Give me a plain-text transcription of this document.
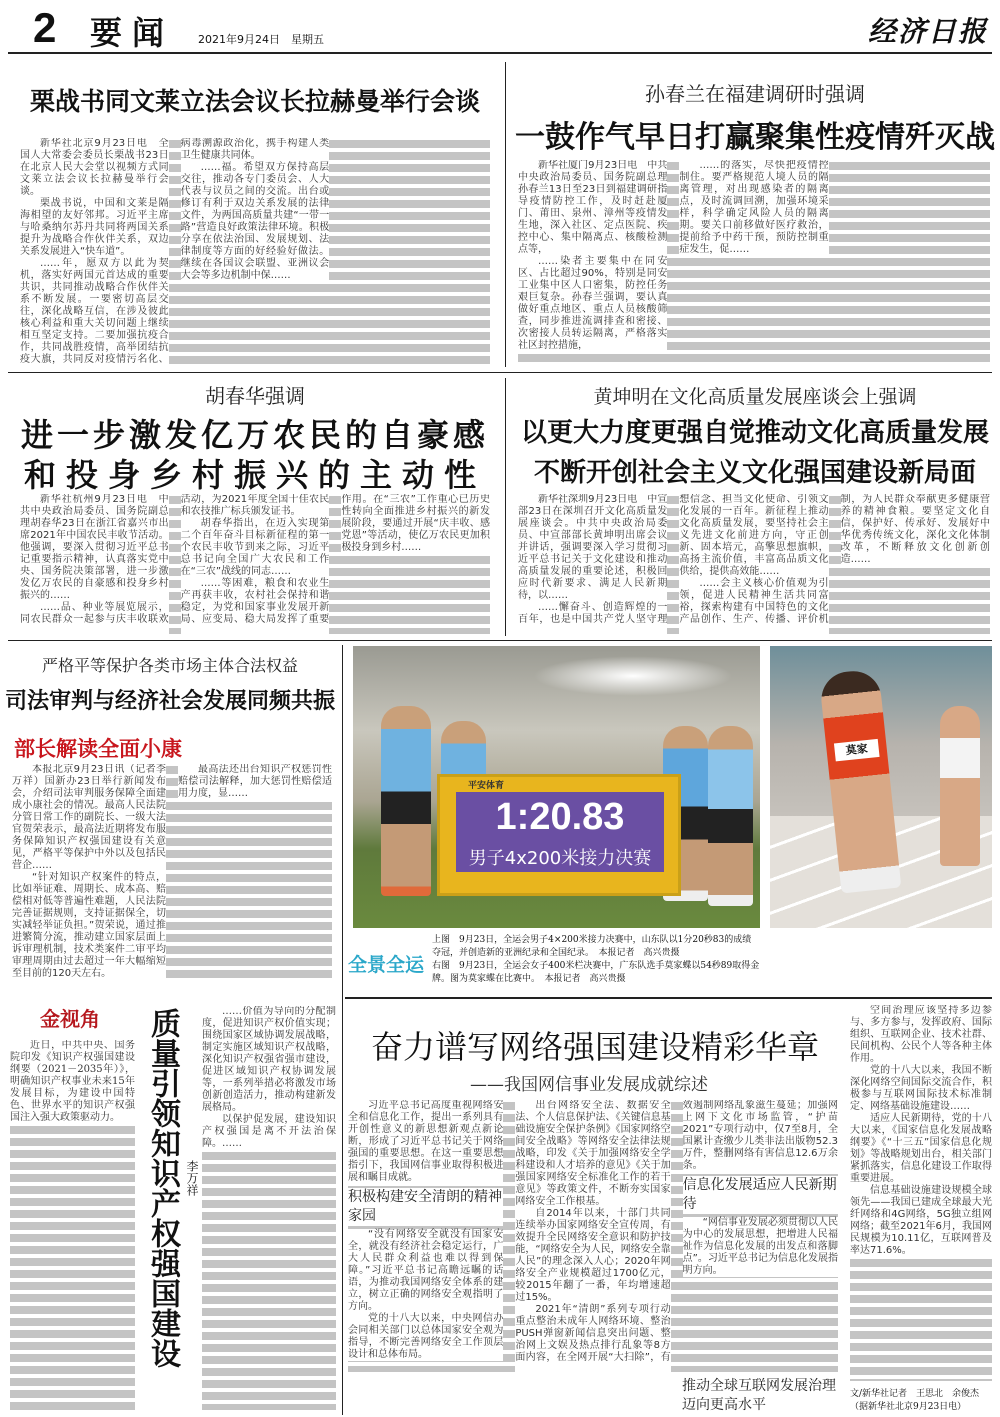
2 要闻 2021年9月24日　星期五	经济日报
栗战书同文莱立法会议长拉赫曼举行会谈

新华社北京9月23日电　全国人大常委会委员长栗战书23日在北京人民大会堂以视频方式同文莱立法会议长拉赫曼举行会谈。

栗战书说，中国和文莱是隔海相望的友好邻邦。习近平主席与哈桑纳尔苏丹共同将两国关系提升为战略合作伙伴关系，双边关系发展进入“快车道”。

……年，愿双方以此为契机，落实好两国元首达成的重要共识，共同推动战略合作伙伴关系不断发展。一要密切高层交往，深化战略互信，在涉及彼此核心利益和重大关切问题上继续相互坚定支持。二要加强抗疫合作，共同战胜疫情，高举团结抗疫大旗，共同反对疫情污名化、病毒溯源政治化，携手构建人类卫生健康共同体。

……福。希望双方保持高层交往，推动各专门委员会、人大代表与议员之间的交流。出台或修订有利于双边关系发展的法律文件，为两国高质量共建“一带一路”营造良好政策法律环境。积极分享在依法治国、发展规划、法律制度等方面的好经验好做法。继续在各国议会联盟、亚洲议会大会等多边机制中保……

孙春兰在福建调研时强调
一鼓作气早日打赢聚集性疫情歼灭战

新华社厦门9月23日电　中共中央政治局委员、国务院副总理孙春兰13日至23日到福建调研指导疫情防控工作，及时赶赴厦门、莆田、泉州、漳州等疫情发生地，深入社区、定点医院、疾控中心、集中隔离点、核酸检测点等，

……染者主要集中在同安区、占比超过90%，特别是同安工业集中区人口密集，防控任务艰巨复杂。孙春兰强调，要认真做好重点地区、重点人员核酸筛查，同步推进流调排查和密接、次密接人员转运隔离，严格落实社区封控措施，

……的落实，尽快把疫情控制住。要严格规范人境人员的隔离管理，对出现感染者的隔离点，及时流调回溯，加强环境采样，科学确定风险人员的隔离期。要关口前移做好医疗救治，提前给予中药干预，预防控制重症发生，促……

胡春华强调
进一步激发亿万农民的自豪感
和投身乡村振兴的主动性

新华社杭州9月23日电　中共中央政治局委员、国务院副总理胡春华23日在浙江省嘉兴市出席2021年中国农民丰收节活动。他强调，要深入贯彻习近平总书记重要指示精神，认真落实党中央、国务院决策部署，进一步激发亿万农民的自豪感和投身乡村振兴的……

……品、种业等展览展示，同农民群众一起参与庆丰收联欢活动，为2021年度全国十佳农民和农技推广标兵颁发证书。

胡春华指出，在迈入实现第二个百年奋斗目标新征程的第一个农民丰收节到来之际，习近平总书记向全国广大农民和工作在“三农”战线的同志……

……等困难，粮食和农业生产再获丰收，农村社会保持和谐稳定，为党和国家事业发展开新局、应变局、稳大局发挥了重要作用。在“三农”工作重心已历史性转向全面推进乡村振兴的新发展阶段，要通过开展“庆丰收、感党恩”等活动，使亿万农民更加积极投身到乡村……

黄坤明在文化高质量发展座谈会上强调
以更大力度更强自觉推动文化高质量发展
不断开创社会主义文化强国建设新局面

新华社深圳9月23日电　中宣部23日在深圳召开文化高质量发展座谈会。中共中央政治局委员、中宣部部长黄坤明出席会议并讲话，强调要深入学习贯彻习近平总书记关于文化建设和推动高质量发展的重要论述，积极回应时代新要求、满足人民新期待，以……

……懈奋斗、创造辉煌的一百年，也是中国共产党人坚守理想信念、担当文化使命、引领文化发展的一百年。新征程上推动文化高质量发展，要坚持社会主义先进文化前进方向，守正创新、固本培元，高擎思想旗帜，高扬主流价值，丰富高品质文化供给，提供高效能……

……会主义核心价值观为引领，促进人民精神生活共同富裕，探索构建有中国特色的文化产品创作、生产、传播、评价机制，为人民群众奉献更多健康营养的精神食粮。要坚定文化自信，保护好、传承好、发展好中华优秀传统文化，深化文化体制改革，不断释放文化创新创造……

严格平等保护各类市场主体合法权益
司法审判与经济社会发展同频共振
部长解读全面小康

本报北京9月23日讯（记者李万祥）国新办23日举行新闻发布会，介绍司法审判服务保障全面建成小康社会的情况。最高人民法院分管日常工作的副院长、一级大法官贺荣表示，最高法近期将发布服务保障知识产权强国建设有关意见，严格平等保护中外以及包括民营企……

“针对知识产权案件的特点，比如举证难、周期长、成本高、赔偿相对低等普遍性难题，人民法院完善证据规则，支持证据保全，切实减轻举证负担。”贺荣说，通过推进繁简分流，推动建立国家层面上诉审理机制，技术类案件二审平均审理周期由过去超过一年大幅缩短至目前的120天左右。

最高法还出台知识产权惩罚性赔偿司法解释，加大惩罚性赔偿适用力度，显……

平安体育
1:20.83
男子4x200米接力决赛
莫家
全景全运
上图　9月23日，全运会男子4×200米接力决赛中，山东队以1分20秒83的成绩夺冠，并创造新的亚洲纪录和全国纪录。　 本报记者　高兴贵摄
右图　9月23日，全运会女子400米栏决赛中，广东队选手莫家蝶以54秒89取得金牌。图为莫家蝶在比赛中。　 本报记者　高兴贵摄
金视角

近日，中共中央、国务院印发《知识产权强国建设纲要（2021－2035年）》，明确知识产权事业未来15年发展目标，为建设中国特色、世界水平的知识产权强国注入强大政策驱动力。 质量引领知识产权强国建设 李万祥

……价值为导向的分配制度，促进知识产权价值实现；围绕国家区域协调发展战略，制定实施区域知识产权战略，深化知识产权强省强市建设，促进区域知识产权协调发展等，一系列举措必将激发市场创新创造活力，推动构建新发展格局。

以保护促发展，建设知识产权强国是离不开法治保障。……

奋力谱写网络强国建设精彩华章
——我国网信事业发展成就综述

习近平总书记高度重视网络安全和信息化工作，提出一系列具有开创性意义的新思想新观点新论断，形成了习近平总书记关于网络强国的重要思想。在这一重要思想指引下，我国网信事业取得积极进展和瞩目成就。

积极构建安全清朗的精神家园

“没有网络安全就没有国家安全，就没有经济社会稳定运行，广大人民群众利益也难以得到保障。”习近平总书记高瞻远瞩的话语，为推动我国网络安全体系的建立，树立正确的网络安全观指明了方向。

党的十八大以来，中央网信办会同相关部门以总体国家安全观为指导，不断完善网络安全工作顶层设计和总体布局。

出台网络安全法、数据安全法、个人信息保护法、《关键信息基础设施安全保护条例》《国家网络空间安全战略》等网络安全法律法规战略，印发《关于加强网络安全学科建设和人才培养的意见》《关于加强国家网络安全标准化工作的若干意见》等政策文件，不断夯实国家网络安全工作根基。

自2014年以来，十部门共同连续举办国家网络安全宣传周，有效提升全民网络安全意识和防护技能，“网络安全为人民，网络安全靠人民”的理念深入人心；2020年网络安全产业规模超过1700亿元，较2015年翻了一番，年均增速超过15%。

2021年“清朗”系列专项行动重点整治未成年人网络环境、整治PUSH弹窗新闻信息突出问题、整治网上文娱及热点排行乱象等8方面内容，在全网开展“大扫除”，有效遏制网络乱象滋生蔓延；加强网上网下文化市场监管，“护苗2021”专项行动中，仅7至8月，全国累计查缴少儿类非法出版物52.3万件，整删网络有害信息12.6万余条。

信息化发展适应人民新期待

“网信事业发展必须贯彻以人民为中心的发展思想，把增进人民福祉作为信息化发展的出发点和落脚点”。习近平总书记为信息化发展指明方向。

推动全球互联网发展治理迈向更高水平

空间治理应该坚持多边参与、多方参与，发挥政府、国际组织、互联网企业、技术社群、民间机构、公民个人等各种主体作用。

党的十八大以来，我国不断深化网络空间国际交流合作，积极参与互联网国际技术标准制定、网络基础设施建设……

适应人民新期待，党的十八大以来，《国家信息化发展战略纲要》《“十三五”国家信息化规划》等战略规划出台，相关部门紧抓落实，信息化建设工作取得重要进展。

信息基础设施建设规模全球领先——我国已建成全球最大光纤网络和4G网络，5G独立组网网络；截至2021年6月，我国网民规模为10.11亿，互联网普及率达71.6%。

文/新华社记者　王思北　余俊杰
（据新华社北京9月23日电）
